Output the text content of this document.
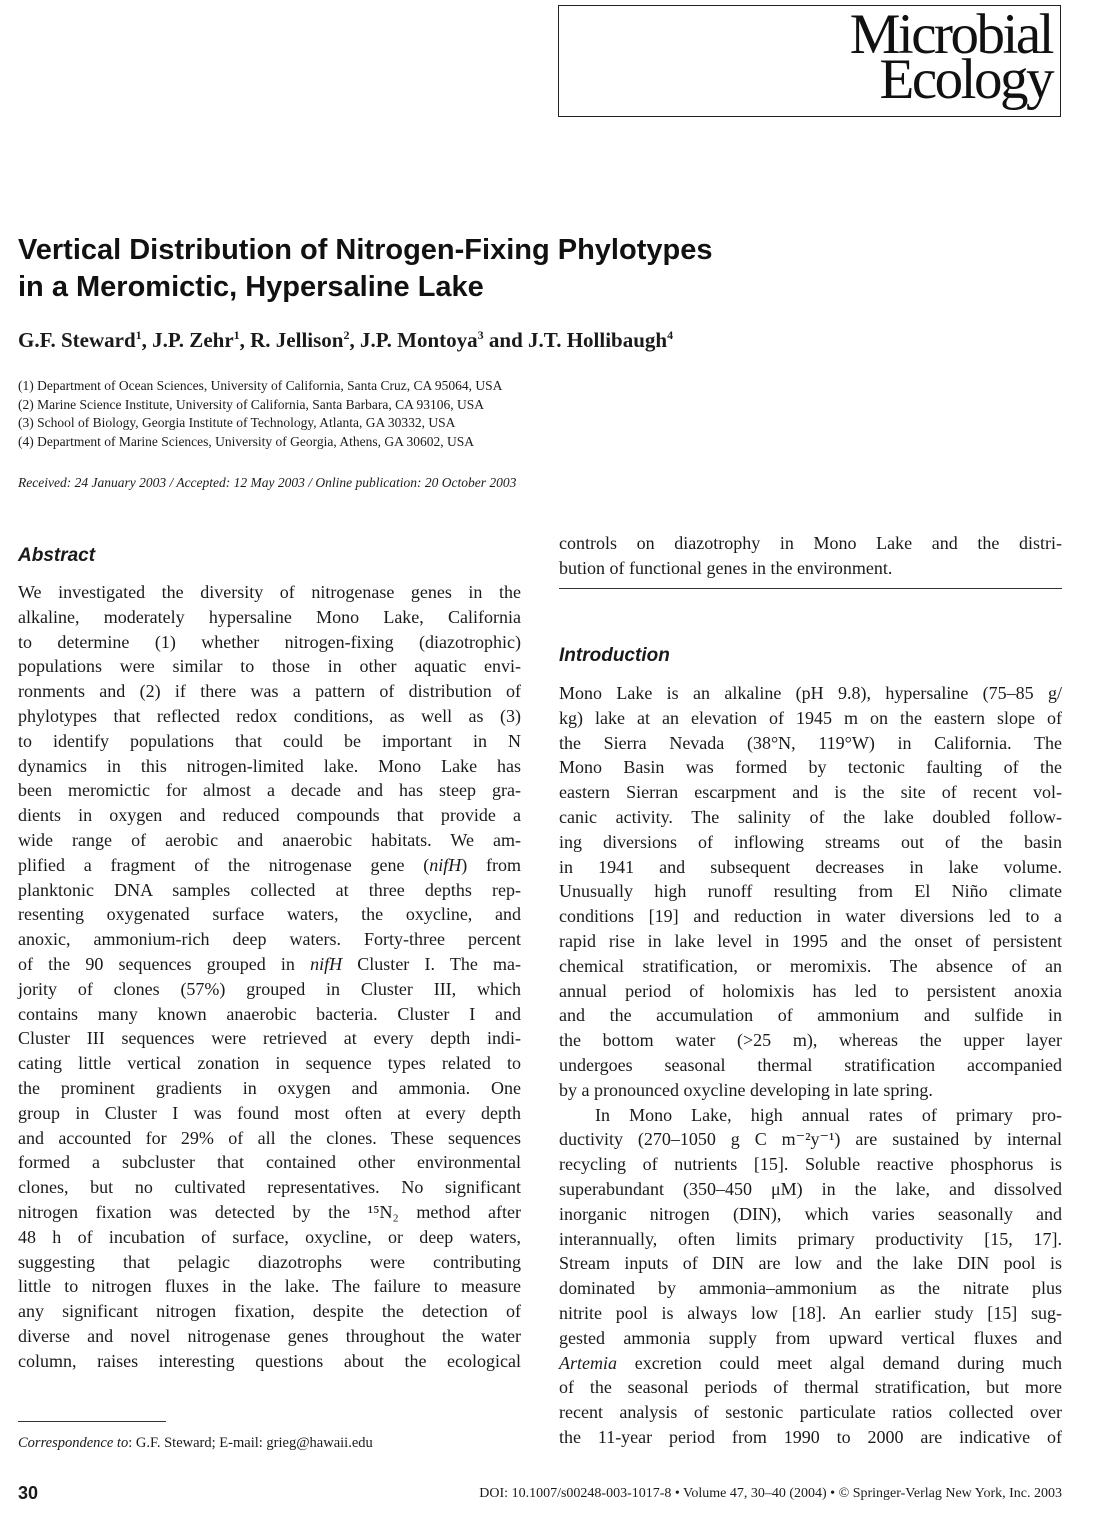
Microbial
Ecology
Vertical Distribution of Nitrogen-Fixing Phylotypes
in a Meromictic, Hypersaline Lake
G.F. Steward$^1$, J.P. Zehr$^1$, R. Jellison$^2$, J.P. Montoya$^3$ and J.T. Hollibaugh$^4$
(1) Department of Ocean Sciences, University of California, Santa Cruz, CA 95064, USA
(2) Marine Science Institute, University of California, Santa Barbara, CA 93106, USA
(3) School of Biology, Georgia Institute of Technology, Atlanta, GA 30332, USA
(4) Department of Marine Sciences, University of Georgia, Athens, GA 30602, USA
Received: 24 January 2003 / Accepted: 12 May 2003 / Online publication: 20 October 2003
Abstract
We investigated the diversity of nitrogenase genes in the
alkaline, moderately hypersaline Mono Lake, California
to determine (1) whether nitrogen-fixing (diazotrophic)
populations were similar to those in other aquatic envi-
ronments and (2) if there was a pattern of distribution of
phylotypes that reflected redox conditions, as well as (3)
to identify populations that could be important in N
dynamics in this nitrogen-limited lake. Mono Lake has
been meromictic for almost a decade and has steep gra-
dients in oxygen and reduced compounds that provide a
wide range of aerobic and anaerobic habitats. We am-
plified a fragment of the nitrogenase gene (nifH) from
planktonic DNA samples collected at three depths rep-
resenting oxygenated surface waters, the oxycline, and
anoxic, ammonium-rich deep waters. Forty-three percent
of the 90 sequences grouped in nifH Cluster I. The ma-
jority of clones (57%) grouped in Cluster III, which
contains many known anaerobic bacteria. Cluster I and
Cluster III sequences were retrieved at every depth indi-
cating little vertical zonation in sequence types related to
the prominent gradients in oxygen and ammonia. One
group in Cluster I was found most often at every depth
and accounted for 29% of all the clones. These sequences
formed a subcluster that contained other environmental
clones, but no cultivated representatives. No significant
nitrogen fixation was detected by the ¹⁵N₂ method after
48 h of incubation of surface, oxycline, or deep waters,
suggesting that pelagic diazotrophs were contributing
little to nitrogen fluxes in the lake. The failure to measure
any significant nitrogen fixation, despite the detection of
diverse and novel nitrogenase genes throughout the water
column, raises interesting questions about the ecological
controls on diazotrophy in Mono Lake and the distri-
bution of functional genes in the environment.
Introduction

Mono Lake is an alkaline (pH 9.8), hypersaline (75–85 g/
kg) lake at an elevation of 1945 m on the eastern slope of
the Sierra Nevada (38°N, 119°W) in California. The
Mono Basin was formed by tectonic faulting of the
eastern Sierran escarpment and is the site of recent vol-
canic activity. The salinity of the lake doubled follow-
ing diversions of inflowing streams out of the basin
in 1941 and subsequent decreases in lake volume.
Unusually high runoff resulting from El Niño climate
conditions [19] and reduction in water diversions led to a
rapid rise in lake level in 1995 and the onset of persistent
chemical stratification, or meromixis. The absence of an
annual period of holomixis has led to persistent anoxia
and the accumulation of ammonium and sulfide in
the bottom water (>25 m), whereas the upper layer
undergoes seasonal thermal stratification accompanied
by a pronounced oxycline developing in late spring.

In Mono Lake, high annual rates of primary pro-
ductivity (270–1050 g C m⁻²y⁻¹) are sustained by internal
recycling of nutrients [15]. Soluble reactive phosphorus is
superabundant (350–450 μM) in the lake, and dissolved
inorganic nitrogen (DIN), which varies seasonally and
interannually, often limits primary productivity [15, 17].
Stream inputs of DIN are low and the lake DIN pool is
dominated by ammonia–ammonium as the nitrate plus
nitrite pool is always low [18]. An earlier study [15] sug-
gested ammonia supply from upward vertical fluxes and
Artemia excretion could meet algal demand during much
of the seasonal periods of thermal stratification, but more
recent analysis of sestonic particulate ratios collected over
the 11-year period from 1990 to 2000 are indicative of

Correspondence to: G.F. Steward; E-mail: grieg@hawaii.edu
30	DOI: 10.1007/s00248-003-1017-8 • Volume 47, 30–40 (2004) • © Springer-Verlag New York, Inc. 2003
